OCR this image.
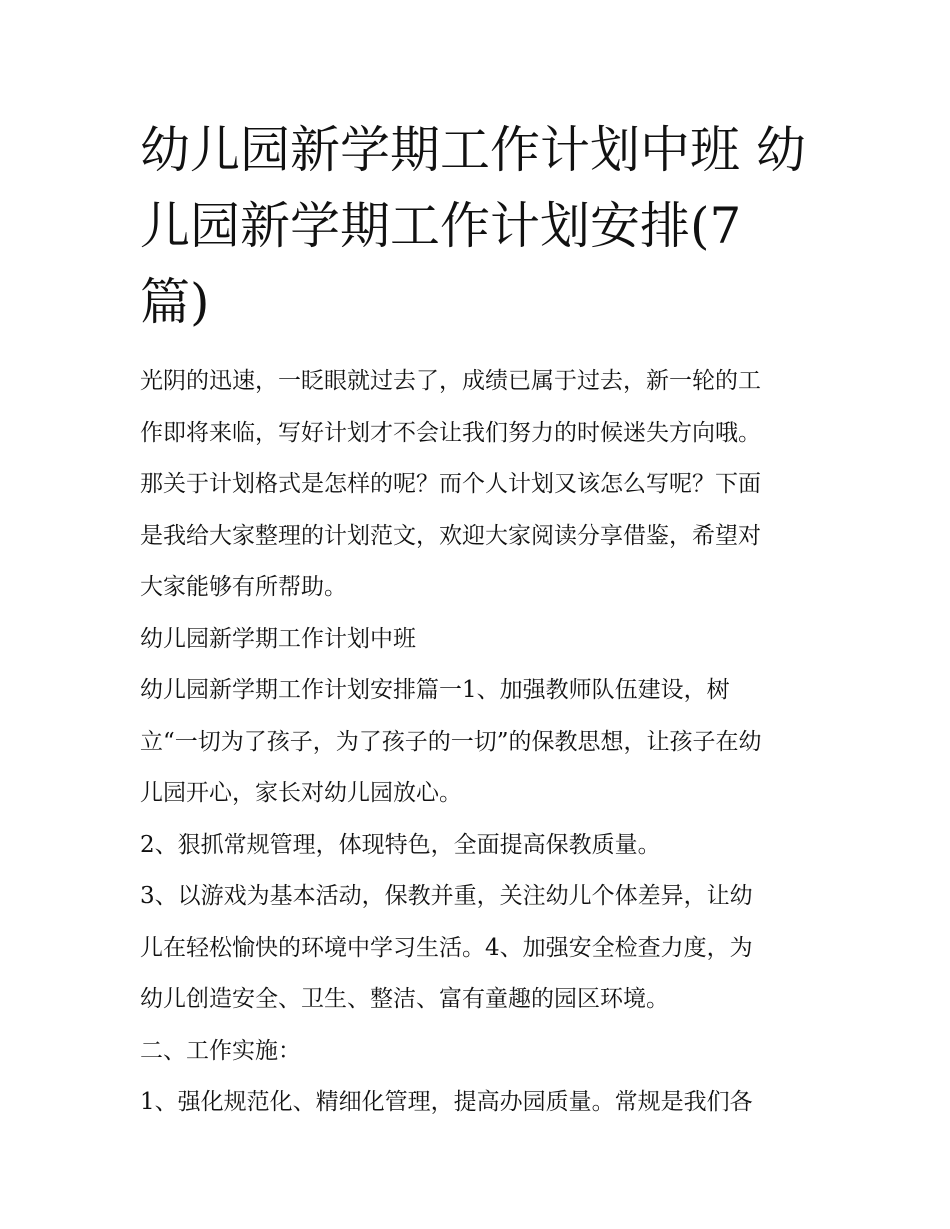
幼儿园新学期工作计划中班 幼
儿园新学期工作计划安排(7
篇)
光阴的迅速，一眨眼就过去了，成绩已属于过去，新一轮的工
作即将来临，写好计划才不会让我们努力的时候迷失方向哦。
那关于计划格式是怎样的呢？而个人计划又该怎么写呢？下面
是我给大家整理的计划范文，欢迎大家阅读分享借鉴，希望对
大家能够有所帮助。
幼儿园新学期工作计划中班
幼儿园新学期工作计划安排篇一1、加强教师队伍建设，树
立“一切为了孩子，为了孩子的一切”的保教思想，让孩子在幼
儿园开心，家长对幼儿园放心。
2、狠抓常规管理，体现特色，全面提高保教质量。
3、以游戏为基本活动，保教并重，关注幼儿个体差异，让幼
儿在轻松愉快的环境中学习生活。4、加强安全检查力度，为
幼儿创造安全、卫生、整洁、富有童趣的园区环境。
二、工作实施：
1、强化规范化、精细化管理，提高办园质量。常规是我们各
